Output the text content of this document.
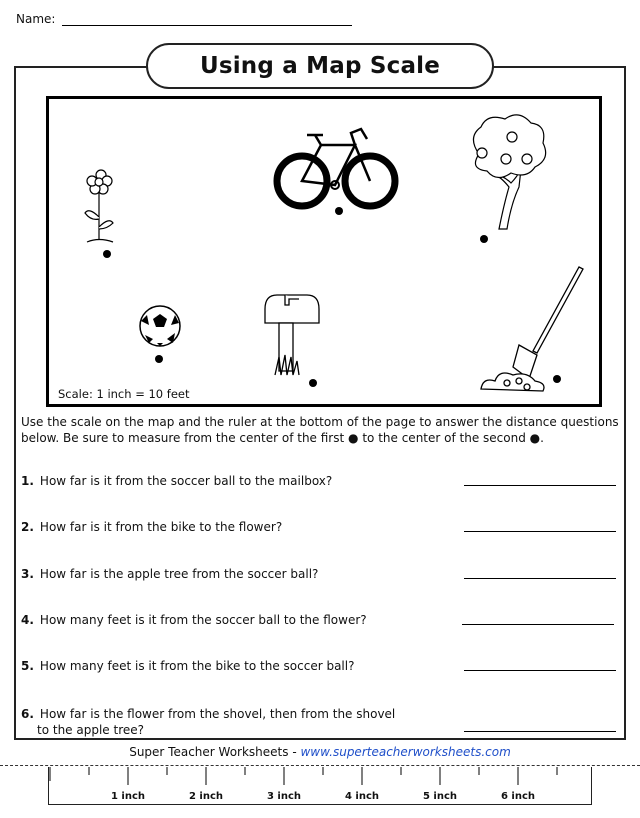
Name:
Using a Map Scale
Scale: 1 inch = 10 feet
Use the scale on the map and the ruler at the bottom of the page to answer the distance questions below. Be sure to measure from the center of the first ● to the center of the second ●.
1. How far is it from the soccer ball to the mailbox?
2. How far is it from the bike to the flower?
3. How far is the apple tree from the soccer ball?
4. How many feet is it from the soccer ball to the flower?
5. How many feet is it from the bike to the soccer ball?
6. How far is the flower from the shovel, then from the shovel
to the apple tree?
Super Teacher Worksheets - www.superteacherworksheets.com
1 inch	2 inch	3 inch	4 inch	5 inch	6 inch
